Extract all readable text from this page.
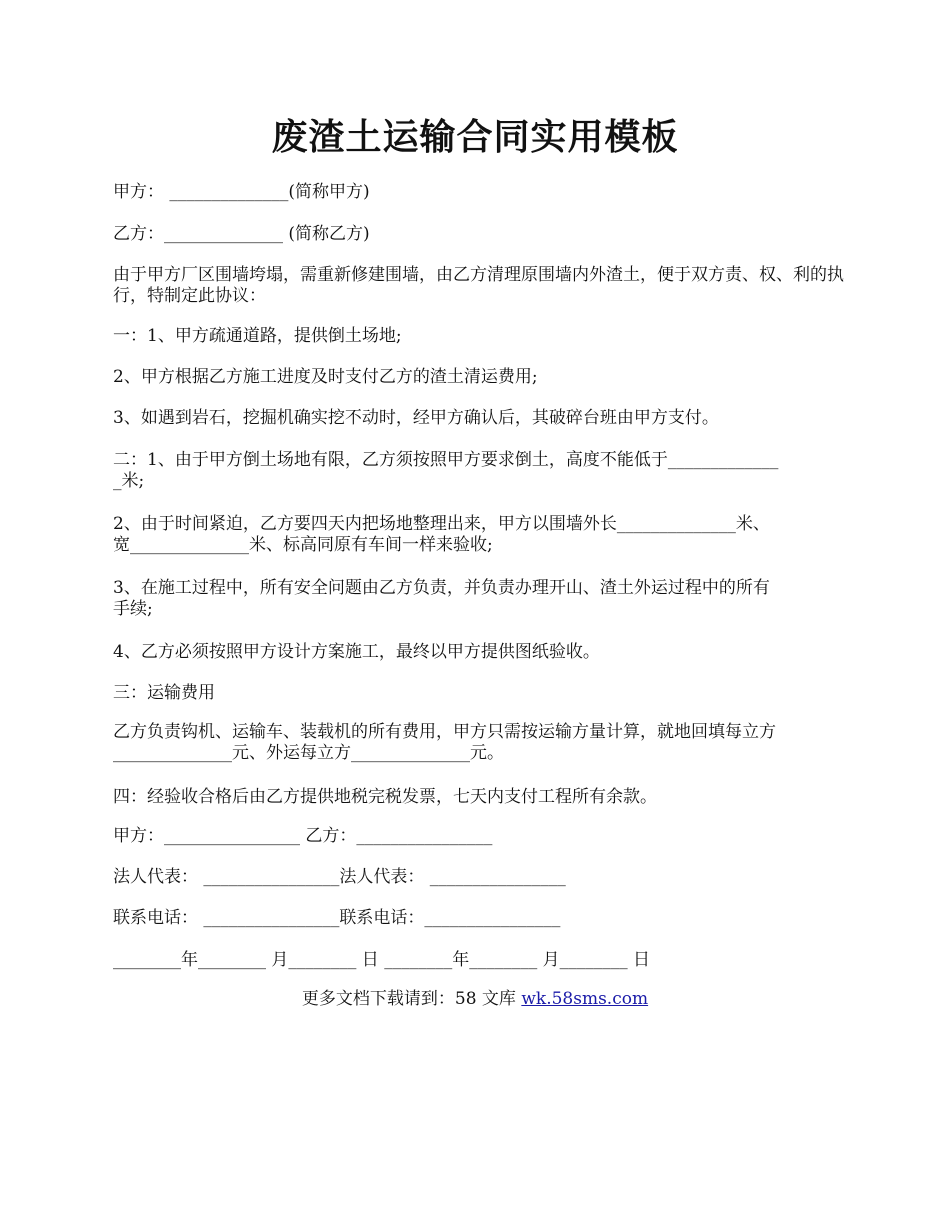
废渣土运输合同实用模板
甲方： ______________(简称甲方)
乙方：______________ (简称乙方)
由于甲方厂区围墙垮塌，需重新修建围墙，由乙方清理原围墙内外渣土，便于双方责、权、利的执行，特制定此协议：
一：1、甲方疏通道路，提供倒土场地;
2、甲方根据乙方施工进度及时支付乙方的渣土清运费用;
3、如遇到岩石，挖掘机确实挖不动时，经甲方确认后，其破碎台班由甲方支付。
二：1、由于甲方倒土场地有限，乙方须按照甲方要求倒土，高度不能低于_____________
_米;
2、由于时间紧迫，乙方要四天内把场地整理出来，甲方以围墙外长______________米、
宽______________米、标高同原有车间一样来验收;
3、在施工过程中，所有安全问题由乙方负责，并负责办理开山、渣土外运过程中的所有
手续;
4、乙方必须按照甲方设计方案施工，最终以甲方提供图纸验收。
三：运输费用
乙方负责钩机、运输车、装载机的所有费用，甲方只需按运输方量计算，就地回填每立方
______________元、外运每立方______________元。
四：经验收合格后由乙方提供地税完税发票，七天内支付工程所有余款。
甲方：________________ 乙方：________________
法人代表： ________________法人代表： ________________
联系电话： ________________联系电话：________________
________年________ 月________ 日 ________年________ 月________ 日
更多文档下载请到：58 文库 wk.58sms.com
